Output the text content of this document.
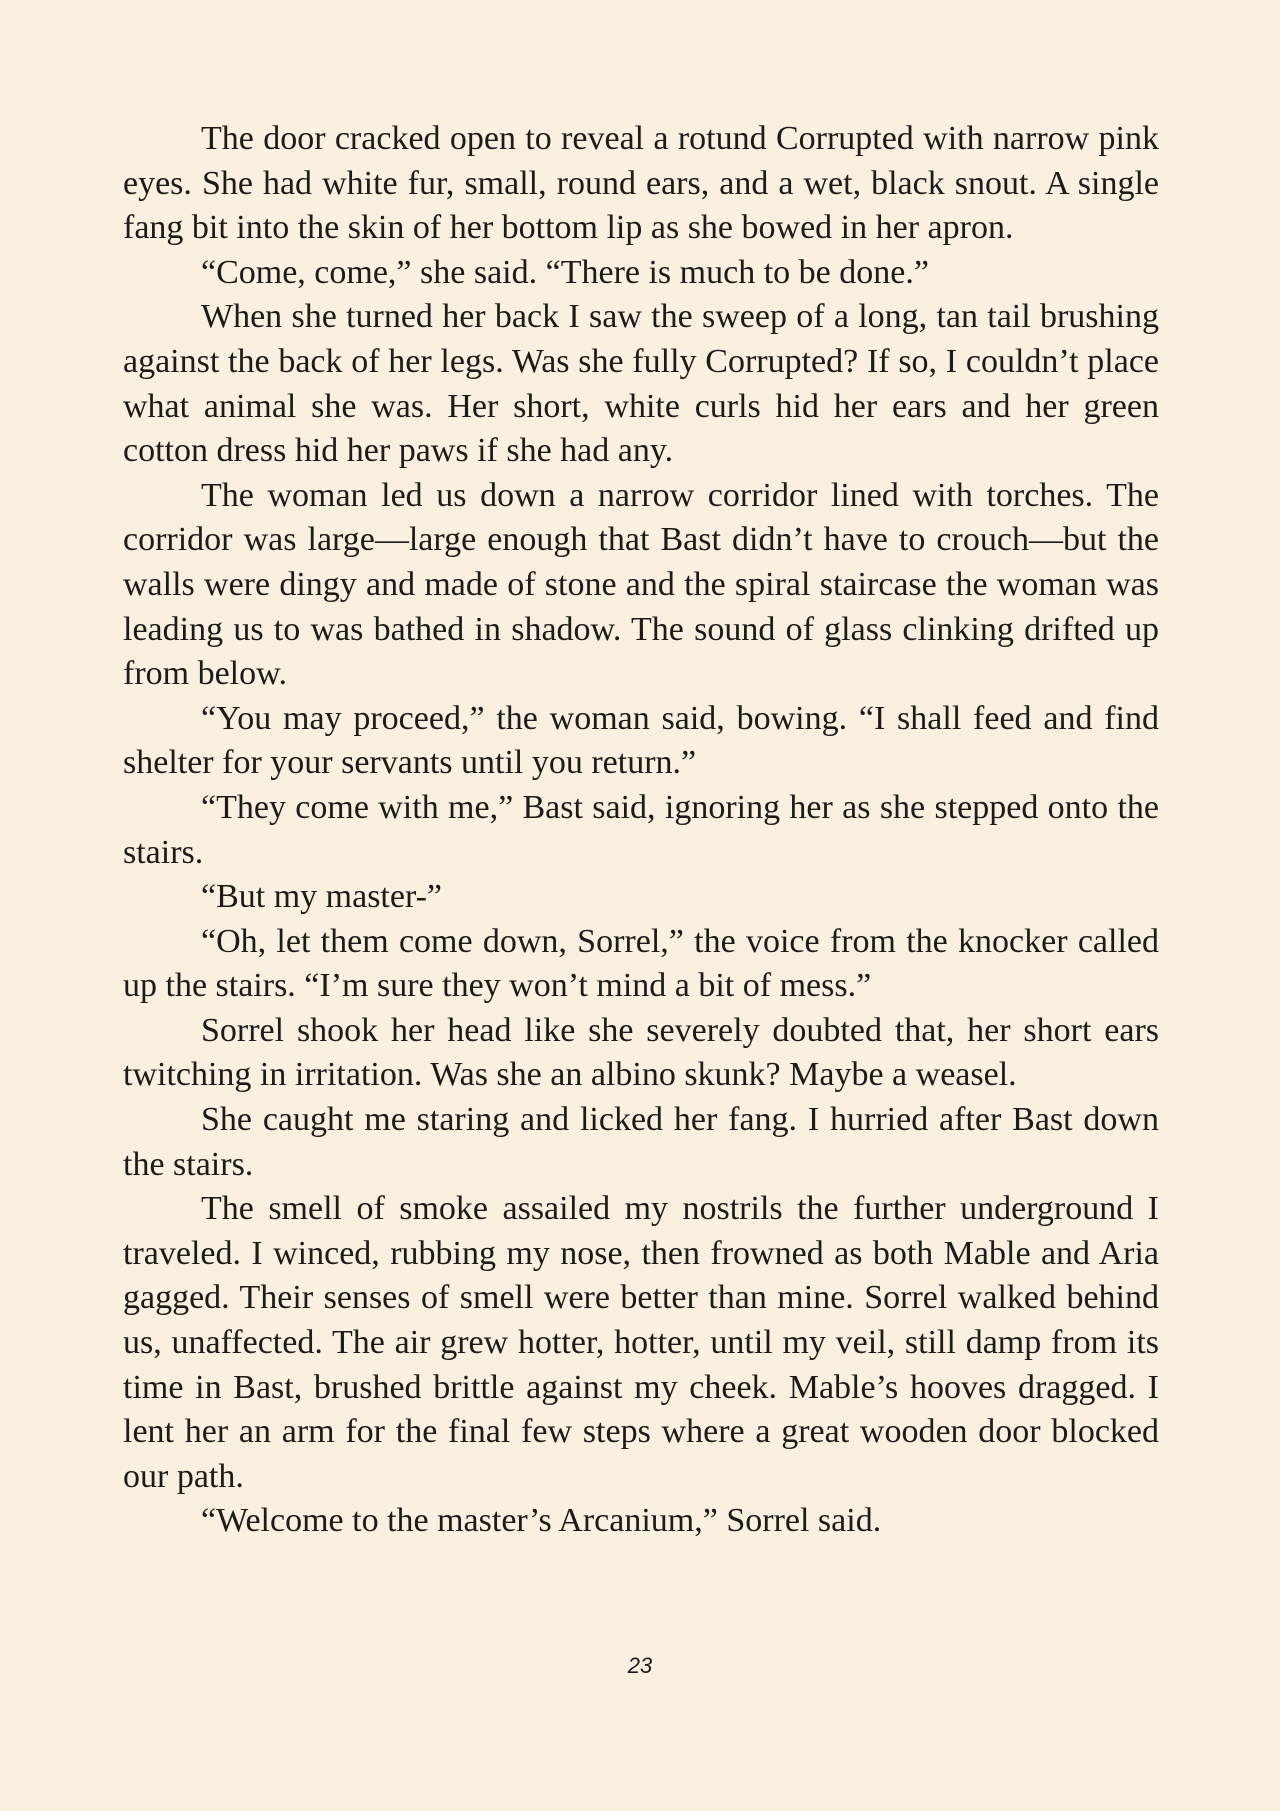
The door cracked open to reveal a rotund Corrupted with narrow pink eyes. She had white fur, small, round ears, and a wet, black snout. A single fang bit into the skin of her bottom lip as she bowed in her apron.

“Come, come,” she said. “There is much to be done.”

When she turned her back I saw the sweep of a long, tan tail brushing against the back of her legs. Was she fully Corrupted? If so, I couldn’t place what animal she was. Her short, white curls hid her ears and her green cotton dress hid her paws if she had any.

The woman led us down a narrow corridor lined with torches. The corridor was large—large enough that Bast didn’t have to crouch—but the walls were dingy and made of stone and the spiral staircase the woman was leading us to was bathed in shadow. The sound of glass clinking drifted up from below.

“You may proceed,” the woman said, bowing. “I shall feed and find shelter for your servants until you return.”

“They come with me,” Bast said, ignoring her as she stepped onto the stairs.

“But my master-”

“Oh, let them come down, Sorrel,” the voice from the knocker called up the stairs. “I’m sure they won’t mind a bit of mess.”

Sorrel shook her head like she severely doubted that, her short ears twitching in irritation. Was she an albino skunk? Maybe a weasel.

She caught me staring and licked her fang. I hurried after Bast down the stairs.

The smell of smoke assailed my nostrils the further underground I traveled. I winced, rubbing my nose, then frowned as both Mable and Aria gagged. Their senses of smell were better than mine. Sorrel walked behind us, unaffected. The air grew hotter, hotter, until my veil, still damp from its time in Bast, brushed brittle against my cheek. Mable’s hooves dragged. I lent her an arm for the final few steps where a great wooden door blocked our path.

“Welcome to the master’s Arcanium,” Sorrel said.

23
